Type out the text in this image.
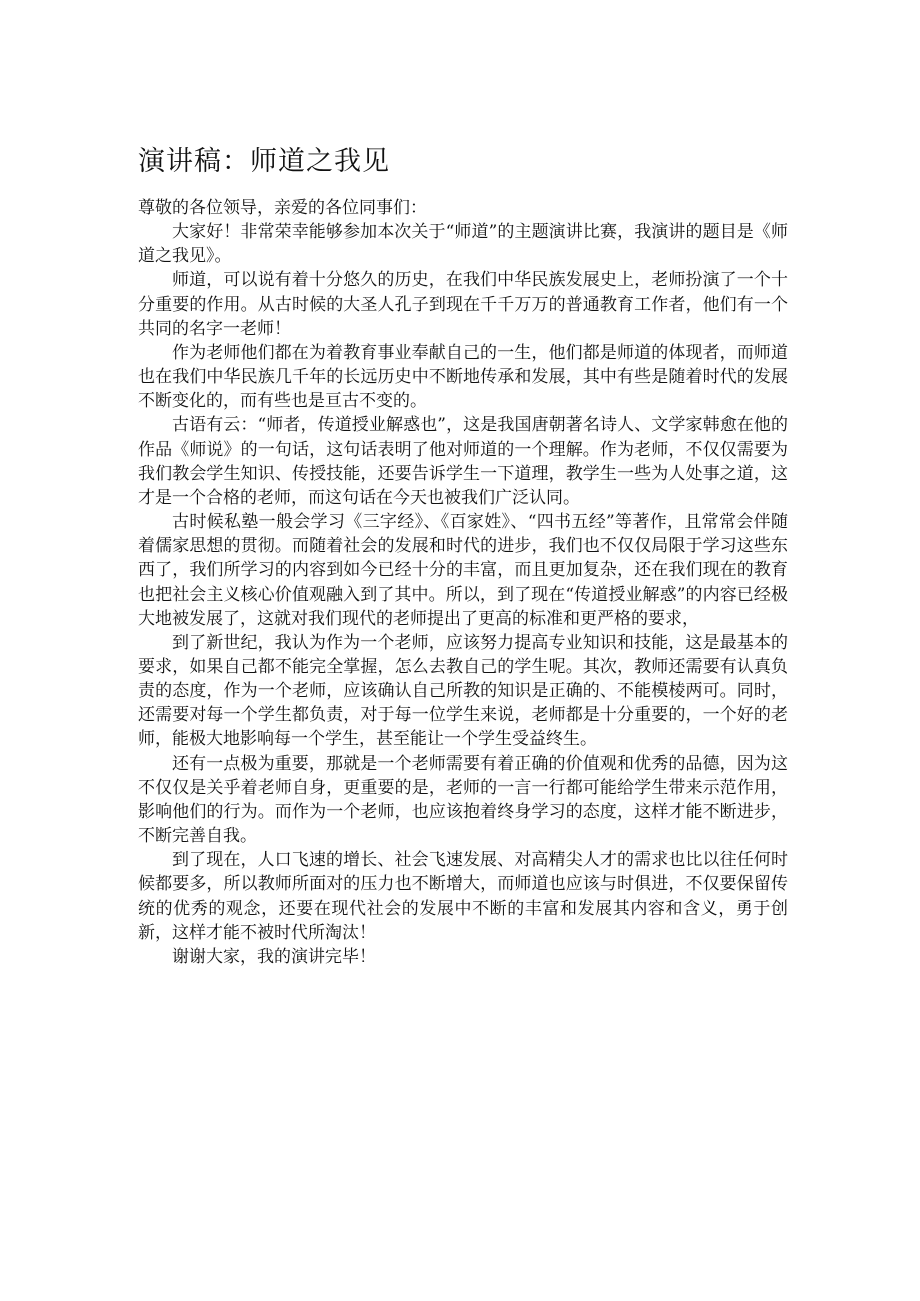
演讲稿：师道之我见

尊敬的各位领导，亲爱的各位同事们：

大家好！非常荣幸能够参加本次关于“师道”的主题演讲比赛，我演讲的题目是《师道之我见》。

师道，可以说有着十分悠久的历史，在我们中华民族发展史上，老师扮演了一个十分重要的作用。从古时候的大圣人孔子到现在千千万万的普通教育工作者，他们有一个共同的名字一老师！

作为老师他们都在为着教育事业奉献自己的一生，他们都是师道的体现者，而师道也在我们中华民族几千年的长远历史中不断地传承和发展，其中有些是随着时代的发展不断变化的，而有些也是亘古不变的。

古语有云：“师者，传道授业解惑也”，这是我国唐朝著名诗人、文学家韩愈在他的作品《师说》的一句话，这句话表明了他对师道的一个理解。作为老师，不仅仅需要为我们教会学生知识、传授技能，还要告诉学生一下道理，教学生一些为人处事之道，这才是一个合格的老师，而这句话在今天也被我们广泛认同。

古时候私塾一般会学习《三字经》、《百家姓》、“四书五经”等著作，且常常会伴随着儒家思想的贯彻。而随着社会的发展和时代的进步，我们也不仅仅局限于学习这些东西了，我们所学习的内容到如今已经十分的丰富，而且更加复杂，还在我们现在的教育也把社会主义核心价值观融入到了其中。所以，到了现在“传道授业解惑”的内容已经极大地被发展了，这就对我们现代的老师提出了更高的标准和更严格的要求，

到了新世纪，我认为作为一个老师，应该努力提高专业知识和技能，这是最基本的要求，如果自己都不能完全掌握，怎么去教自己的学生呢。其次，教师还需要有认真负责的态度，作为一个老师，应该确认自己所教的知识是正确的、不能模棱两可。同时，还需要对每一个学生都负责，对于每一位学生来说，老师都是十分重要的，一个好的老师，能极大地影响每一个学生，甚至能让一个学生受益终生。

还有一点极为重要，那就是一个老师需要有着正确的价值观和优秀的品德，因为这不仅仅是关乎着老师自身，更重要的是，老师的一言一行都可能给学生带来示范作用，影响他们的行为。而作为一个老师，也应该抱着终身学习的态度，这样才能不断进步，不断完善自我。

到了现在，人口飞速的增长、社会飞速发展、对高精尖人才的需求也比以往任何时候都要多，所以教师所面对的压力也不断增大，而师道也应该与时俱进，不仅要保留传统的优秀的观念，还要在现代社会的发展中不断的丰富和发展其内容和含义，勇于创新，这样才能不被时代所淘汰！

谢谢大家，我的演讲完毕！
